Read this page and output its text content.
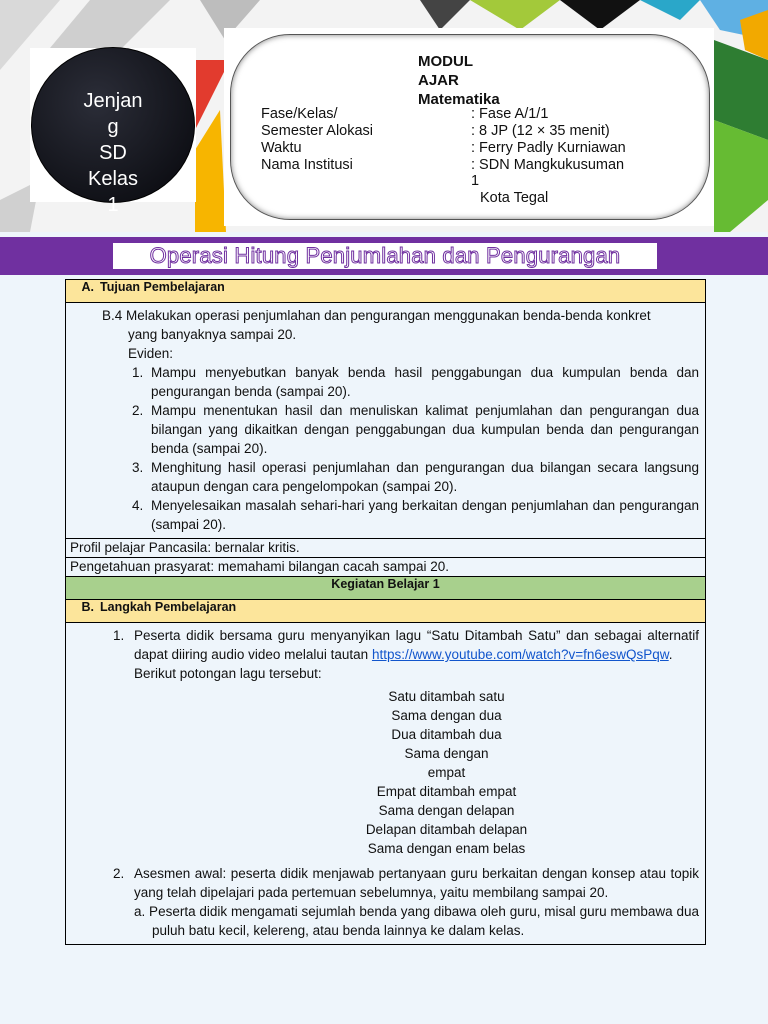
Jenjan
g
SD
Kelas
1
MODUL
AJAR
Matematika
Fase/Kelas/	: Fase A/1/1
Semester Alokasi	: 8 JP (12 × 35 menit)
Waktu	: Ferry Padly Kurniawan
Nama Institusi	: SDN Mangkukusuman
1
Kota Tegal
Operasi Hitung Penjumlahan dan Pengurangan
A. Tujuan Pembelajaran

B.4 Melakukan operasi penjumlahan dan pengurangan menggunakan benda-benda konkret
yang banyaknya sampai 20.
Eviden:
1. Mampu menyebutkan banyak benda hasil penggabungan dua kumpulan benda dan pengurangan benda (sampai 20).
2. Mampu menentukan hasil dan menuliskan kalimat penjumlahan dan pengurangan dua bilangan yang dikaitkan dengan penggabungan dua kumpulan benda dan pengurangan benda (sampai 20).
3. Menghitung hasil operasi penjumlahan dan pengurangan dua bilangan secara langsung ataupun dengan cara pengelompokan (sampai 20).
4. Menyelesaikan masalah sehari-hari yang berkaitan dengan penjumlahan dan pengurangan (sampai 20).

Profil pelajar Pancasila: bernalar kritis.
Pengetahuan prasyarat: memahami bilangan cacah sampai 20.
Kegiatan Belajar 1
B. Langkah Pembelajaran

1. Peserta didik bersama guru menyanyikan lagu “Satu Ditambah Satu” dan sebagai alternatif dapat diiring audio video melalui tautan https://www.youtube.com/watch?v=fn6eswQsPqw.
Berikut potongan lagu tersebut:
Satu ditambah satu
Sama dengan dua
Dua ditambah dua
Sama dengan
empat
Empat ditambah empat
Sama dengan delapan
Delapan ditambah delapan
Sama dengan enam belas
2. Asesmen awal: peserta didik menjawab pertanyaan guru berkaitan dengan konsep atau topik yang telah dipelajari pada pertemuan sebelumnya, yaitu membilang sampai 20.
a. Peserta didik mengamati sejumlah benda yang dibawa oleh guru, misal guru membawa dua puluh batu kecil, kelereng, atau benda lainnya ke dalam kelas.
